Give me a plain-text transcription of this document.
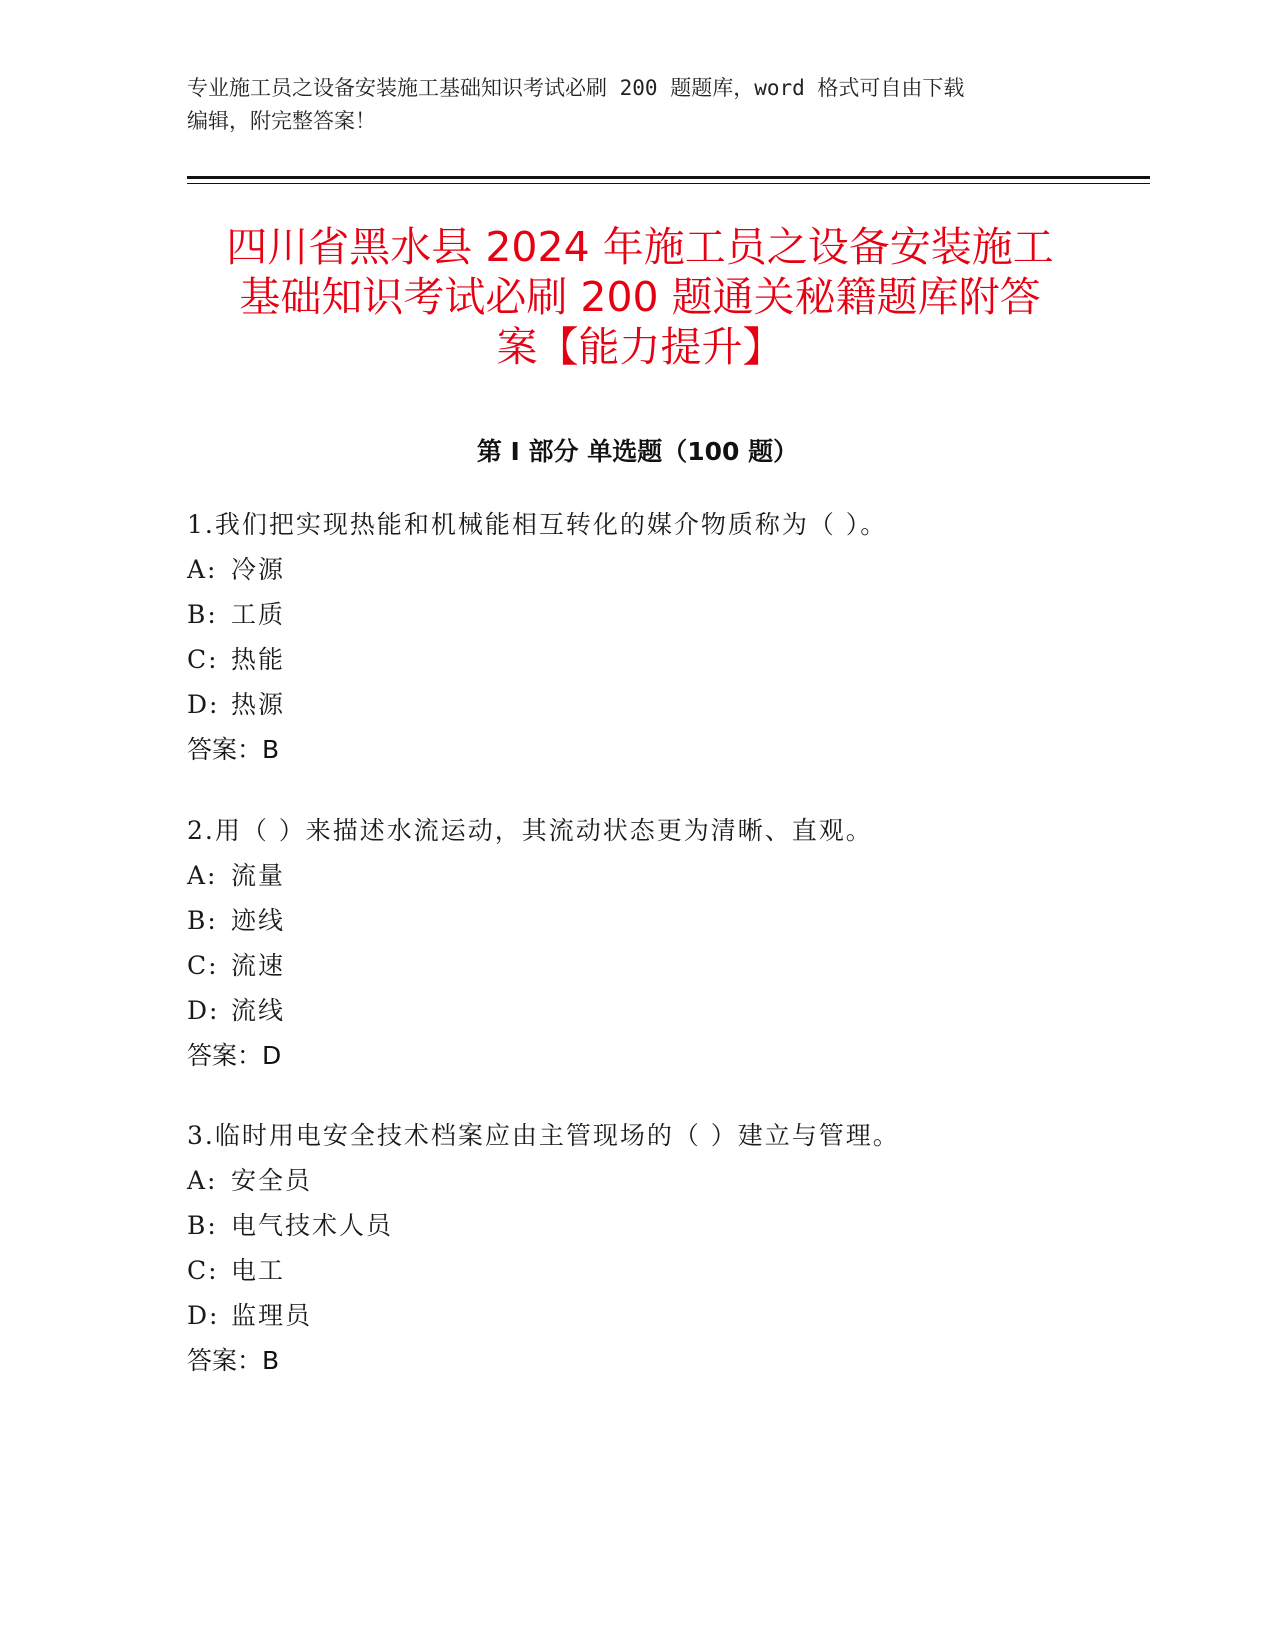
专业施工员之设备安装施工基础知识考试必刷 200 题题库，word 格式可自由下载
编辑，附完整答案！
四川省黑水县 2024 年施工员之设备安装施工
基础知识考试必刷 200 题通关秘籍题库附答
案【能力提升】
第 I 部分 单选题（100 题）
1.我们把实现热能和机械能相互转化的媒介物质称为（ ）。
A: 冷源
B: 工质
C: 热能
D: 热源
答案：B
2.用（ ）来描述水流运动，其流动状态更为清晰、直观。
A: 流量
B: 迹线
C: 流速
D: 流线
答案：D
3.临时用电安全技术档案应由主管现场的（ ）建立与管理。
A: 安全员
B: 电气技术人员
C: 电工
D: 监理员
答案：B
